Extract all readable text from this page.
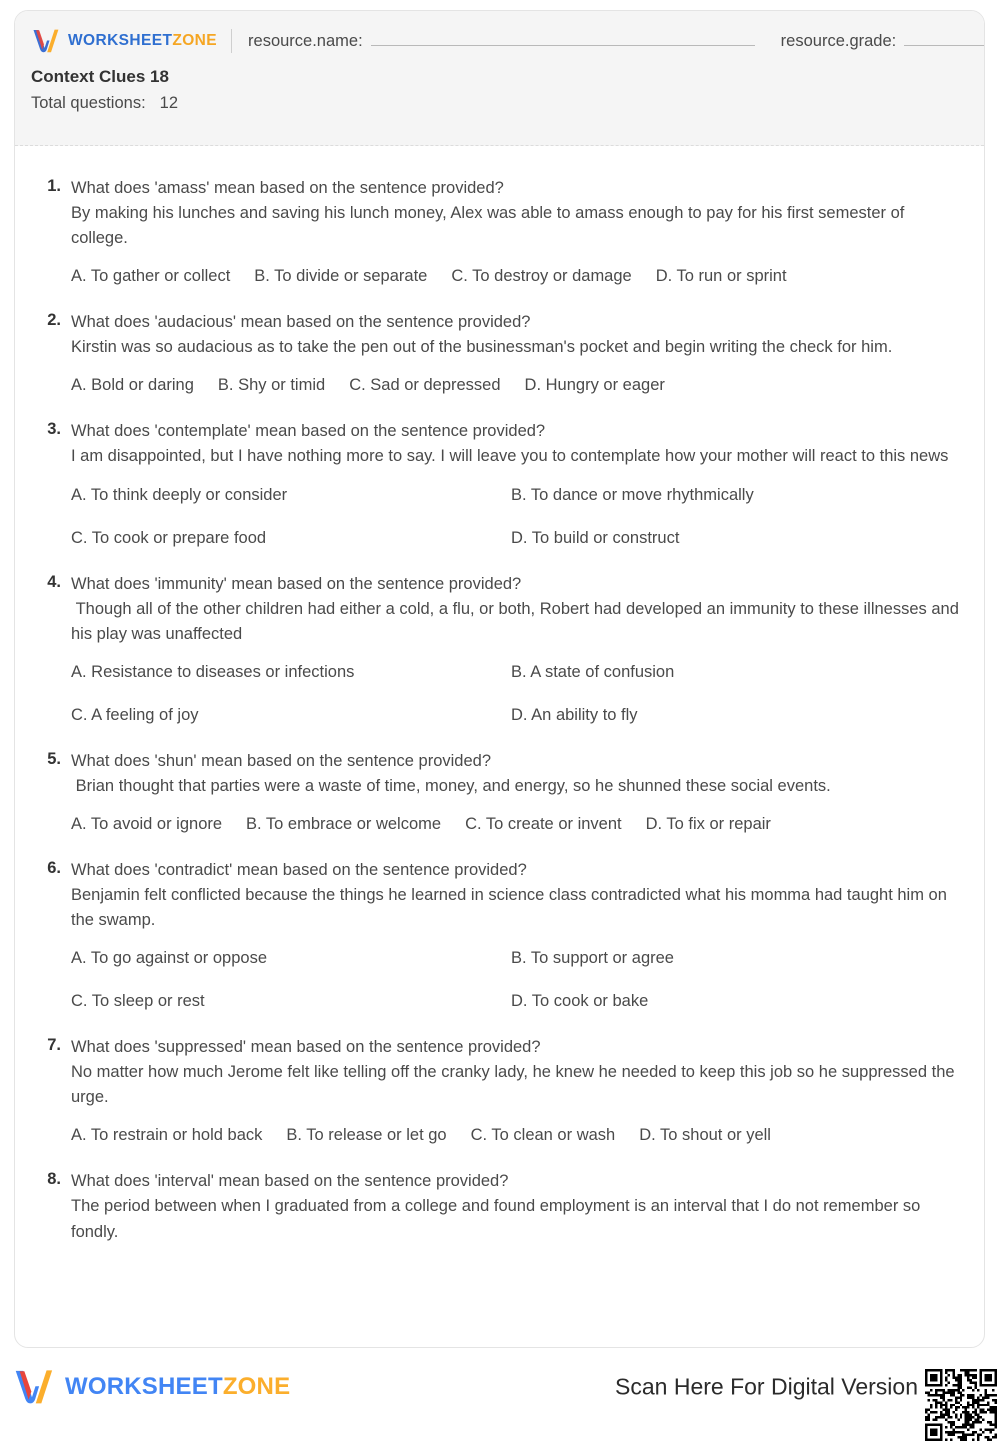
WORKSHEETZONE resource.name:	resource.grade:
Context Clues 18
Total questions: 12
1. What does 'amass' mean based on the sentence provided?
By making his lunches and saving his lunch money, Alex was able to amass enough to pay for his first semester of college.
A. To gather or collect B. To divide or separate C. To destroy or damage D. To run or sprint
2. What does 'audacious' mean based on the sentence provided?
Kirstin was so audacious as to take the pen out of the businessman's pocket and begin writing the check for him.
A. Bold or daring B. Shy or timid C. Sad or depressed D. Hungry or eager
3. What does 'contemplate' mean based on the sentence provided?
I am disappointed, but I have nothing more to say. I will leave you to contemplate how your mother will react to this news
A. To think deeply or consider	B. To dance or move rhythmically
C. To cook or prepare food	D. To build or construct
4. What does 'immunity' mean based on the sentence provided?
Though all of the other children had either a cold, a flu, or both, Robert had developed an immunity to these illnesses and his play was unaffected
A. Resistance to diseases or infections	B. A state of confusion
C. A feeling of joy	D. An ability to fly
5. What does 'shun' mean based on the sentence provided?
Brian thought that parties were a waste of time, money, and energy, so he shunned these social events.
A. To avoid or ignore B. To embrace or welcome C. To create or invent D. To fix or repair
6. What does 'contradict' mean based on the sentence provided?
Benjamin felt conflicted because the things he learned in science class contradicted what his momma had taught him on the swamp.
A. To go against or oppose	B. To support or agree
C. To sleep or rest	D. To cook or bake
7. What does 'suppressed' mean based on the sentence provided?
No matter how much Jerome felt like telling off the cranky lady, he knew he needed to keep this job so he suppressed the urge.
A. To restrain or hold back B. To release or let go C. To clean or wash D. To shout or yell
8. What does 'interval' mean based on the sentence provided?
The period between when I graduated from a college and found employment is an interval that I do not remember so fondly.
WORKSHEETZONE	Scan Here For Digital Version
